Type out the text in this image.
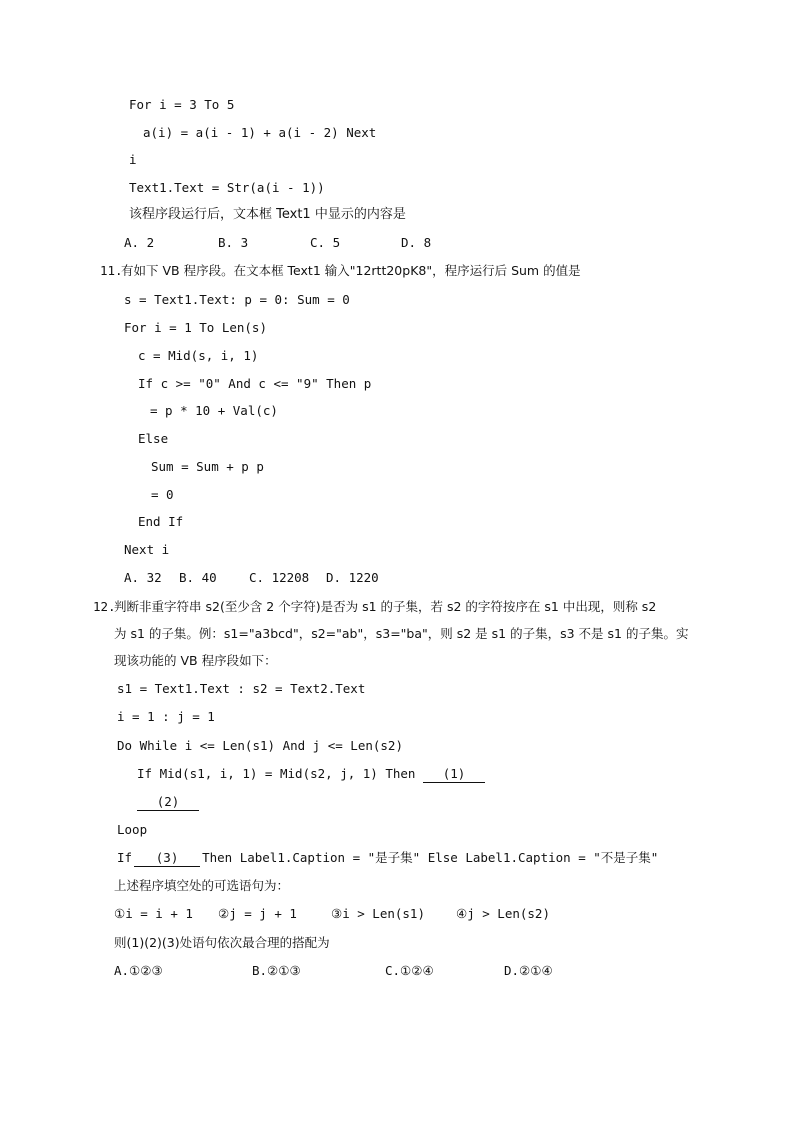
For i = 3 To 5
a(i) = a(i - 1) + a(i - 2) Next
i
Text1.Text = Str(a(i - 1))
该程序段运行后，文本框 Text1 中显示的内容是
A. 2	B. 3	C. 5	D. 8
11.
有如下 VB 程序段。在文本框 Text1 输入"12rtt20pK8"，程序运行后 Sum 的值是
s = Text1.Text: p = 0: Sum = 0
For i = 1 To Len(s)
c = Mid(s, i, 1)
If c >= "0" And c <= "9" Then p
= p * 10 + Val(c)
Else
Sum = Sum + p p
= 0
End If
Next i
A. 32 B. 40	C. 12208 D. 1220
12.
判断非重字符串 s2(至少含 2 个字符)是否为 s1 的子集，若 s2 的字符按序在 s1 中出现，则称 s2
为 s1 的子集。例：s1="a3bcd"，s2="ab"，s3="ba"，则 s2 是 s1 的子集，s3 不是 s1 的子集。实
现该功能的 VB 程序段如下：
s1 = Text1.Text : s2 = Text2.Text
i = 1 : j = 1
Do While i <= Len(s1) And j <= Len(s2)
If Mid(s1, i, 1) = Mid(s2, j, 1) Then (1)
(2)
Loop
If (3) Then Label1.Caption = "是子集" Else Label1.Caption = "不是子集"
上述程序填空处的可选语句为：
①i = i + 1 ②j = j + 1	③i > Len(s1) ④j > Len(s2)
则(1)(2)(3)处语句依次最合理的搭配为
A.①②③	B.②①③	C.①②④	D.②①④
